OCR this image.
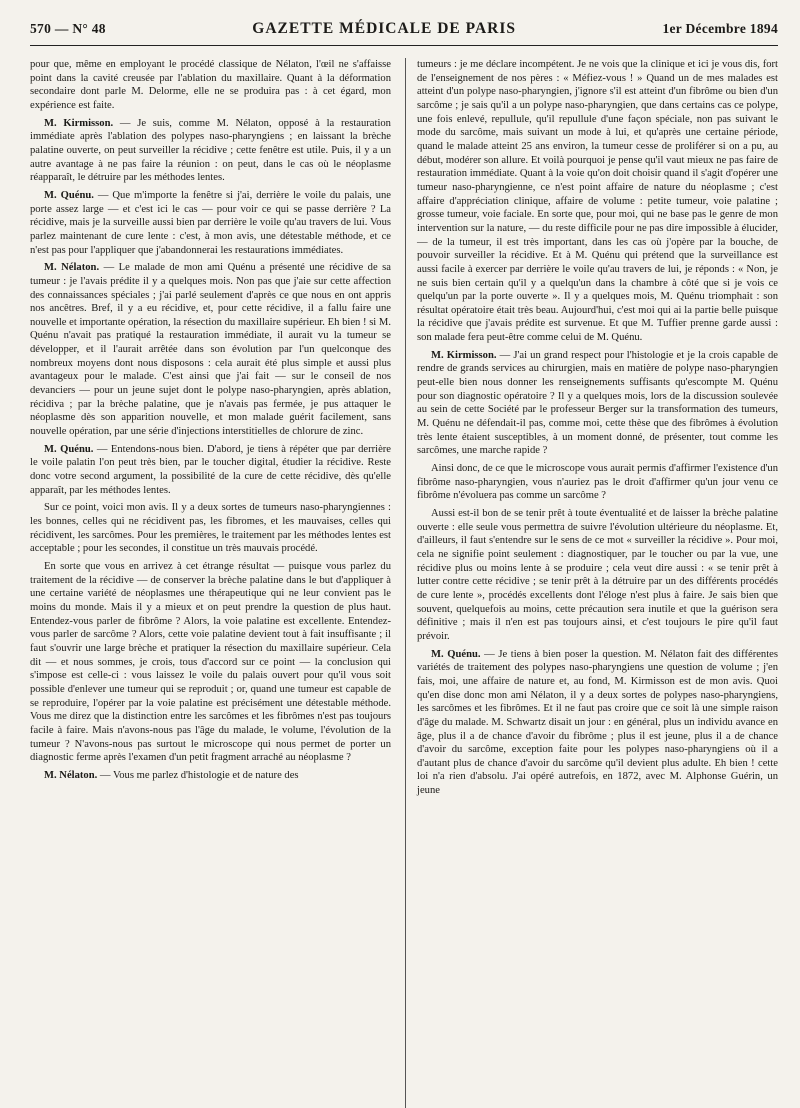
570 — N° 48	GAZETTE MÉDICALE DE PARIS	1er Décembre 1894

pour que, même en employant le procédé classique de Nélaton, l'œil ne s'affaisse point dans la cavité creusée par l'ablation du maxillaire. Quant à la déformation secondaire dont parle M. Delorme, elle ne se produira pas : à cet égard, mon expérience est faite.

M. Kirmisson. — Je suis, comme M. Nélaton, opposé à la restauration immédiate après l'ablation des polypes naso-pharyngiens ; en laissant la brèche palatine ouverte, on peut surveiller la récidive ; cette fenêtre est utile. Puis, il y a un autre avantage à ne pas faire la réunion : on peut, dans le cas où le néoplasme réapparaît, le détruire par les méthodes lentes.

M. Quénu. — Que m'importe la fenêtre si j'ai, derrière le voile du palais, une porte assez large — et c'est ici le cas — pour voir ce qui se passe derrière ? La récidive, mais je la surveille aussi bien par derrière le voile qu'au travers de lui. Vous parlez maintenant de cure lente : c'est, à mon avis, une détestable méthode, et ce n'est pas pour l'appliquer que j'abandonnerai les restaurations immédiates.

M. Nélaton. — Le malade de mon ami Quénu a présenté une récidive de sa tumeur : je l'avais prédite il y a quelques mois. Non pas que j'aie sur cette affection des connaissances spéciales ; j'ai parlé seulement d'après ce que nous en ont appris nos ancêtres. Bref, il y a eu récidive, et, pour cette récidive, il a fallu faire une nouvelle et importante opération, la résection du maxillaire supérieur. Eh bien ! si M. Quénu n'avait pas pratiqué la restauration immédiate, il aurait vu la tumeur se développer, et il l'aurait arrêtée dans son évolution par l'un quelconque des nombreux moyens dont nous disposons : cela aurait été plus simple et aussi plus avantageux pour le malade. C'est ainsi que j'ai fait — sur le conseil de nos devanciers — pour un jeune sujet dont le polype naso-pharyngien, après ablation, récidiva ; par la brèche palatine, que je n'avais pas fermée, je pus attaquer le néoplasme dès son apparition nouvelle, et mon malade guérit facilement, sans nouvelle opération, par une série d'injections interstitielles de chlorure de zinc.

M. Quénu. — Entendons-nous bien. D'abord, je tiens à répéter que par derrière le voile palatin l'on peut très bien, par le toucher digital, étudier la récidive. Reste donc votre second argument, la possibilité de la cure de cette récidive, dès qu'elle apparaît, par les méthodes lentes.

Sur ce point, voici mon avis. Il y a deux sortes de tumeurs naso-pharyngiennes : les bonnes, celles qui ne récidivent pas, les fibromes, et les mauvaises, celles qui récidivent, les sarcômes. Pour les premières, le traitement par les méthodes lentes est acceptable ; pour les secondes, il constitue un très mauvais procédé.

En sorte que vous en arrivez à cet étrange résultat — puisque vous parlez du traitement de la récidive — de conserver la brèche palatine dans le but d'appliquer à une certaine variété de néoplasmes une thérapeutique qui ne leur convient pas le moins du monde. Mais il y a mieux et on peut prendre la question de plus haut. Entendez-vous parler de fibrôme ? Alors, la voie palatine est excellente. Entendez-vous parler de sarcôme ? Alors, cette voie palatine devient tout à fait insuffisante ; il faut s'ouvrir une large brèche et pratiquer la résection du maxillaire supérieur. Cela dit — et nous sommes, je crois, tous d'accord sur ce point — la conclusion qui s'impose est celle-ci : vous laissez le voile du palais ouvert pour qu'il vous soit possible d'enlever une tumeur qui se reproduit ; or, quand une tumeur est capable de se reproduire, l'opérer par la voie palatine est précisément une détestable méthode. Vous me direz que la distinction entre les sarcômes et les fibrômes n'est pas toujours facile à faire. Mais n'avons-nous pas l'âge du malade, le volume, l'évolution de la tumeur ? N'avons-nous pas surtout le microscope qui nous permet de porter un diagnostic ferme après l'examen d'un petit fragment arraché au néoplasme ?

M. Nélaton. — Vous me parlez d'histologie et de nature des

tumeurs : je me déclare incompétent. Je ne vois que la clinique et ici je vous dis, fort de l'enseignement de nos pères : « Méfiez-vous ! » Quand un de mes malades est atteint d'un polype naso-pharyngien, j'ignore s'il est atteint d'un fibrôme ou bien d'un sarcôme ; je sais qu'il a un polype naso-pharyngien, que dans certains cas ce polype, une fois enlevé, repullule, qu'il repullule d'une façon spéciale, non pas suivant le mode du sarcôme, mais suivant un mode à lui, et qu'après une certaine période, quand le malade atteint 25 ans environ, la tumeur cesse de proliférer si on a pu, au début, modérer son allure. Et voilà pourquoi je pense qu'il vaut mieux ne pas faire de restauration immédiate. Quant à la voie qu'on doit choisir quand il s'agit d'opérer une tumeur naso-pharyngienne, ce n'est point affaire de nature du néoplasme ; c'est affaire d'appréciation clinique, affaire de volume : petite tumeur, voie palatine ; grosse tumeur, voie faciale. En sorte que, pour moi, qui ne base pas le genre de mon intervention sur la nature, — du reste difficile pour ne pas dire impossible à élucider, — de la tumeur, il est très important, dans les cas où j'opère par la bouche, de pouvoir surveiller la récidive. Et à M. Quénu qui prétend que la surveillance est aussi facile à exercer par derrière le voile qu'au travers de lui, je réponds : « Non, je ne suis bien certain qu'il y a quelqu'un dans la chambre à côté que si je vois ce quelqu'un par la porte ouverte ». Il y a quelques mois, M. Quénu triomphait : son résultat opératoire était très beau. Aujourd'hui, c'est moi qui ai la partie belle puisque la récidive que j'avais prédite est survenue. Et que M. Tuffier prenne garde aussi : son malade fera peut-être comme celui de M. Quénu.

M. Kirmisson. — J'ai un grand respect pour l'histologie et je la crois capable de rendre de grands services au chirurgien, mais en matière de polype naso-pharyngien peut-elle bien nous donner les renseignements suffisants qu'escompte M. Quénu pour son diagnostic opératoire ? Il y a quelques mois, lors de la discussion soulevée au sein de cette Société par le professeur Berger sur la transformation des tumeurs, M. Quénu ne défendait-il pas, comme moi, cette thèse que des fibrômes à évolution très lente étaient susceptibles, à un moment donné, de présenter, tout comme les sarcômes, une marche rapide ?

Ainsi donc, de ce que le microscope vous aurait permis d'affirmer l'existence d'un fibrôme naso-pharyngien, vous n'auriez pas le droit d'affirmer qu'un jour venu ce fibrôme n'évoluera pas comme un sarcôme ?

Aussi est-il bon de se tenir prêt à toute éventualité et de laisser la brèche palatine ouverte : elle seule vous permettra de suivre l'évolution ultérieure du néoplasme. Et, d'ailleurs, il faut s'entendre sur le sens de ce mot « surveiller la récidive ». Pour moi, cela ne signifie point seulement : diagnostiquer, par le toucher ou par la vue, une récidive plus ou moins lente à se produire ; cela veut dire aussi : « se tenir prêt à lutter contre cette récidive ; se tenir prêt à la détruire par un des différents procédés de cure lente », procédés excellents dont l'éloge n'est plus à faire. Je sais bien que souvent, quelquefois au moins, cette précaution sera inutile et que la guérison sera définitive ; mais il n'en est pas toujours ainsi, et c'est toujours le pire qu'il faut prévoir.

M. Quénu. — Je tiens à bien poser la question. M. Nélaton fait des différentes variétés de traitement des polypes naso-pharyngiens une question de volume ; j'en fais, moi, une affaire de nature et, au fond, M. Kirmisson est de mon avis. Quoi qu'en dise donc mon ami Nélaton, il y a deux sortes de polypes naso-pharyngiens, les sarcômes et les fibrômes. Et il ne faut pas croire que ce soit là une simple raison d'âge du malade. M. Schwartz disait un jour : en général, plus un individu avance en âge, plus il a de chance d'avoir du fibrôme ; plus il est jeune, plus il a de chance d'avoir du sarcôme, exception faite pour les polypes naso-pharyngiens où il a d'autant plus de chance d'avoir du sarcôme qu'il devient plus adulte. Eh bien ! cette loi n'a rien d'absolu. J'ai opéré autrefois, en 1872, avec M. Alphonse Guérin, un jeune
